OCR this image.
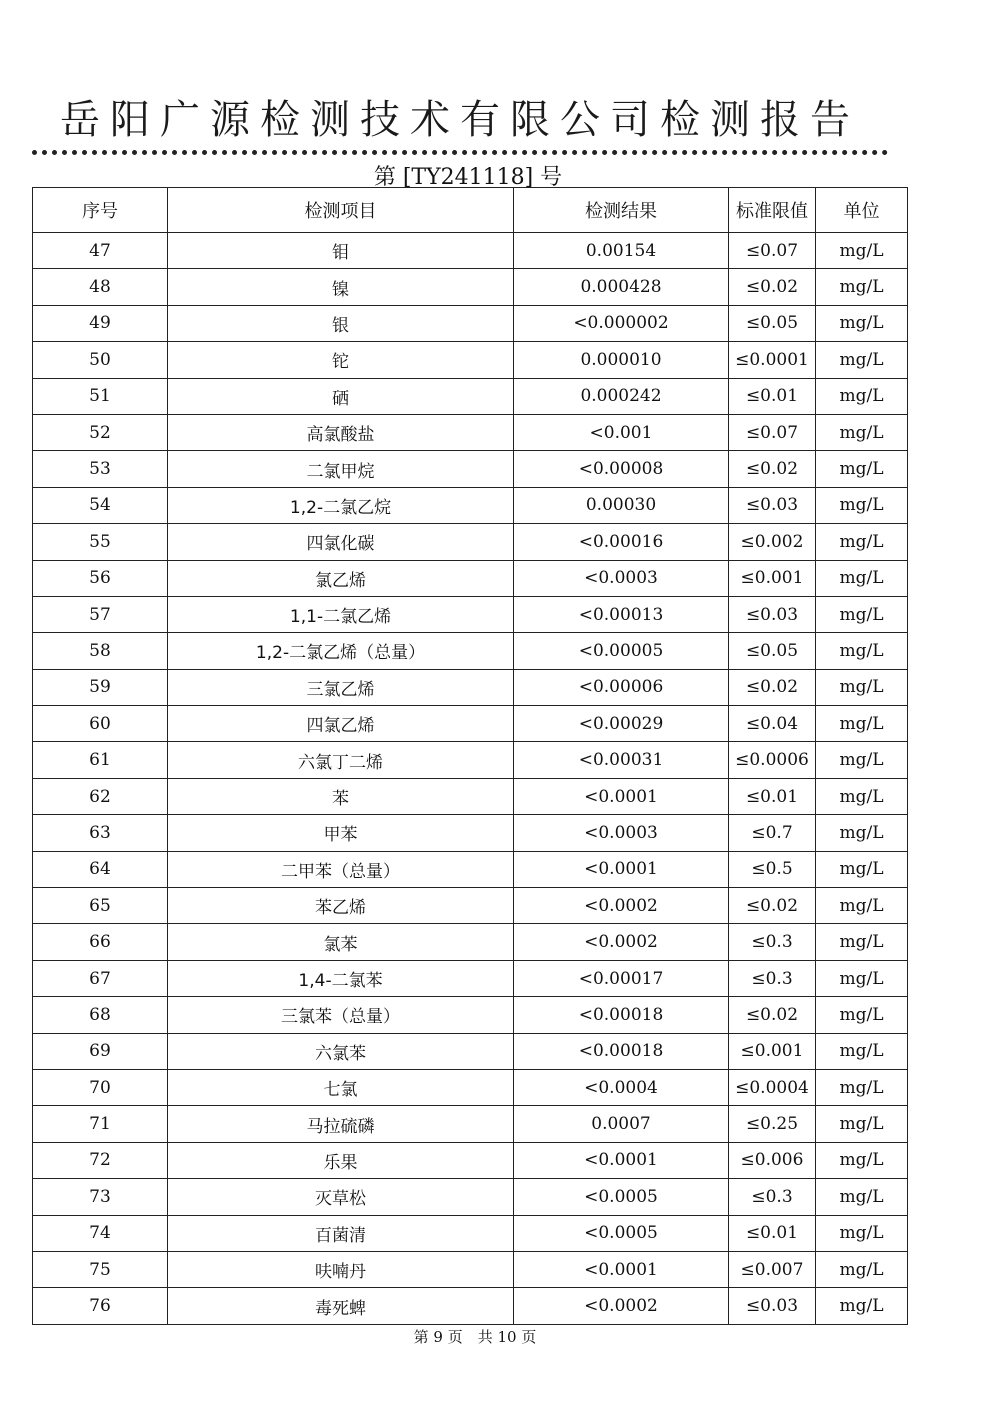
岳阳广源检测技术有限公司检测报告
第 [TY241118] 号
序号	检测项目	检测结果	标准限值	单位
47	钼	0.00154	≤0.07	mg/L
48	镍	0.000428	≤0.02	mg/L
49	银	<0.000002	≤0.05	mg/L
50	铊	0.000010	≤0.0001	mg/L
51	硒	0.000242	≤0.01	mg/L
52	高氯酸盐	<0.001	≤0.07	mg/L
53	二氯甲烷	<0.00008	≤0.02	mg/L
54	1,2-二氯乙烷	0.00030	≤0.03	mg/L
55	四氯化碳	<0.00016	≤0.002	mg/L
56	氯乙烯	<0.0003	≤0.001	mg/L
57	1,1-二氯乙烯	<0.00013	≤0.03	mg/L
58	1,2-二氯乙烯（总量）	<0.00005	≤0.05	mg/L
59	三氯乙烯	<0.00006	≤0.02	mg/L
60	四氯乙烯	<0.00029	≤0.04	mg/L
61	六氯丁二烯	<0.00031	≤0.0006	mg/L
62	苯	<0.0001	≤0.01	mg/L
63	甲苯	<0.0003	≤0.7	mg/L
64	二甲苯（总量）	<0.0001	≤0.5	mg/L
65	苯乙烯	<0.0002	≤0.02	mg/L
66	氯苯	<0.0002	≤0.3	mg/L
67	1,4-二氯苯	<0.00017	≤0.3	mg/L
68	三氯苯（总量）	<0.00018	≤0.02	mg/L
69	六氯苯	<0.00018	≤0.001	mg/L
70	七氯	<0.0004	≤0.0004	mg/L
71	马拉硫磷	0.0007	≤0.25	mg/L
72	乐果	<0.0001	≤0.006	mg/L
73	灭草松	<0.0005	≤0.3	mg/L
74	百菌清	<0.0005	≤0.01	mg/L
75	呋喃丹	<0.0001	≤0.007	mg/L
76	毒死蜱	<0.0002	≤0.03	mg/L
第 9 页　共 10 页
